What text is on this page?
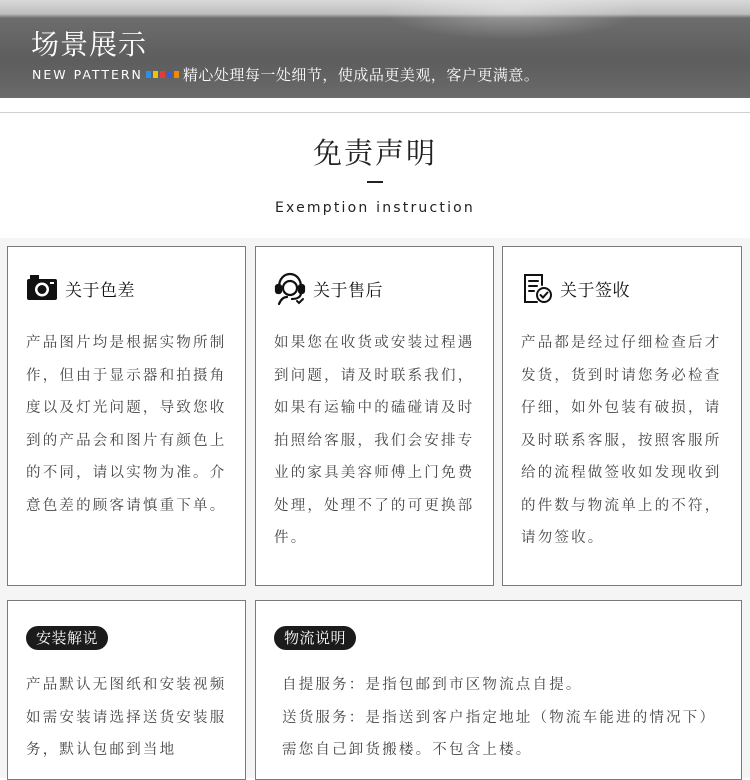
场景展示
NEW PATTERN	精心处理每一处细节，使成品更美观，客户更满意。
免责声明
Exemption instruction
关于色差
产品图片均是根据实物所制作，但由于显示器和拍摄角度以及灯光问题，导致您收到的产品会和图片有颜色上的不同，请以实物为准。介意色差的顾客请慎重下单。
关于售后
如果您在收货或安装过程遇到问题，请及时联系我们，如果有运输中的磕碰请及时拍照给客服，我们会安排专业的家具美容师傅上门免费处理，处理不了的可更换部件。
关于签收
产品都是经过仔细检查后才发货，货到时请您务必检查仔细，如外包装有破损，请及时联系客服，按照客服所给的流程做签收如发现收到的件数与物流单上的不符，请勿签收。
安装解说
产品默认无图纸和安装视频如需安装请选择送货安装服务，默认包邮到当地
物流说明

自提服务：是指包邮到市区物流点自提。

送货服务：是指送到客户指定地址（物流车能进的情况下）需您自己卸货搬楼。不包含上楼。
